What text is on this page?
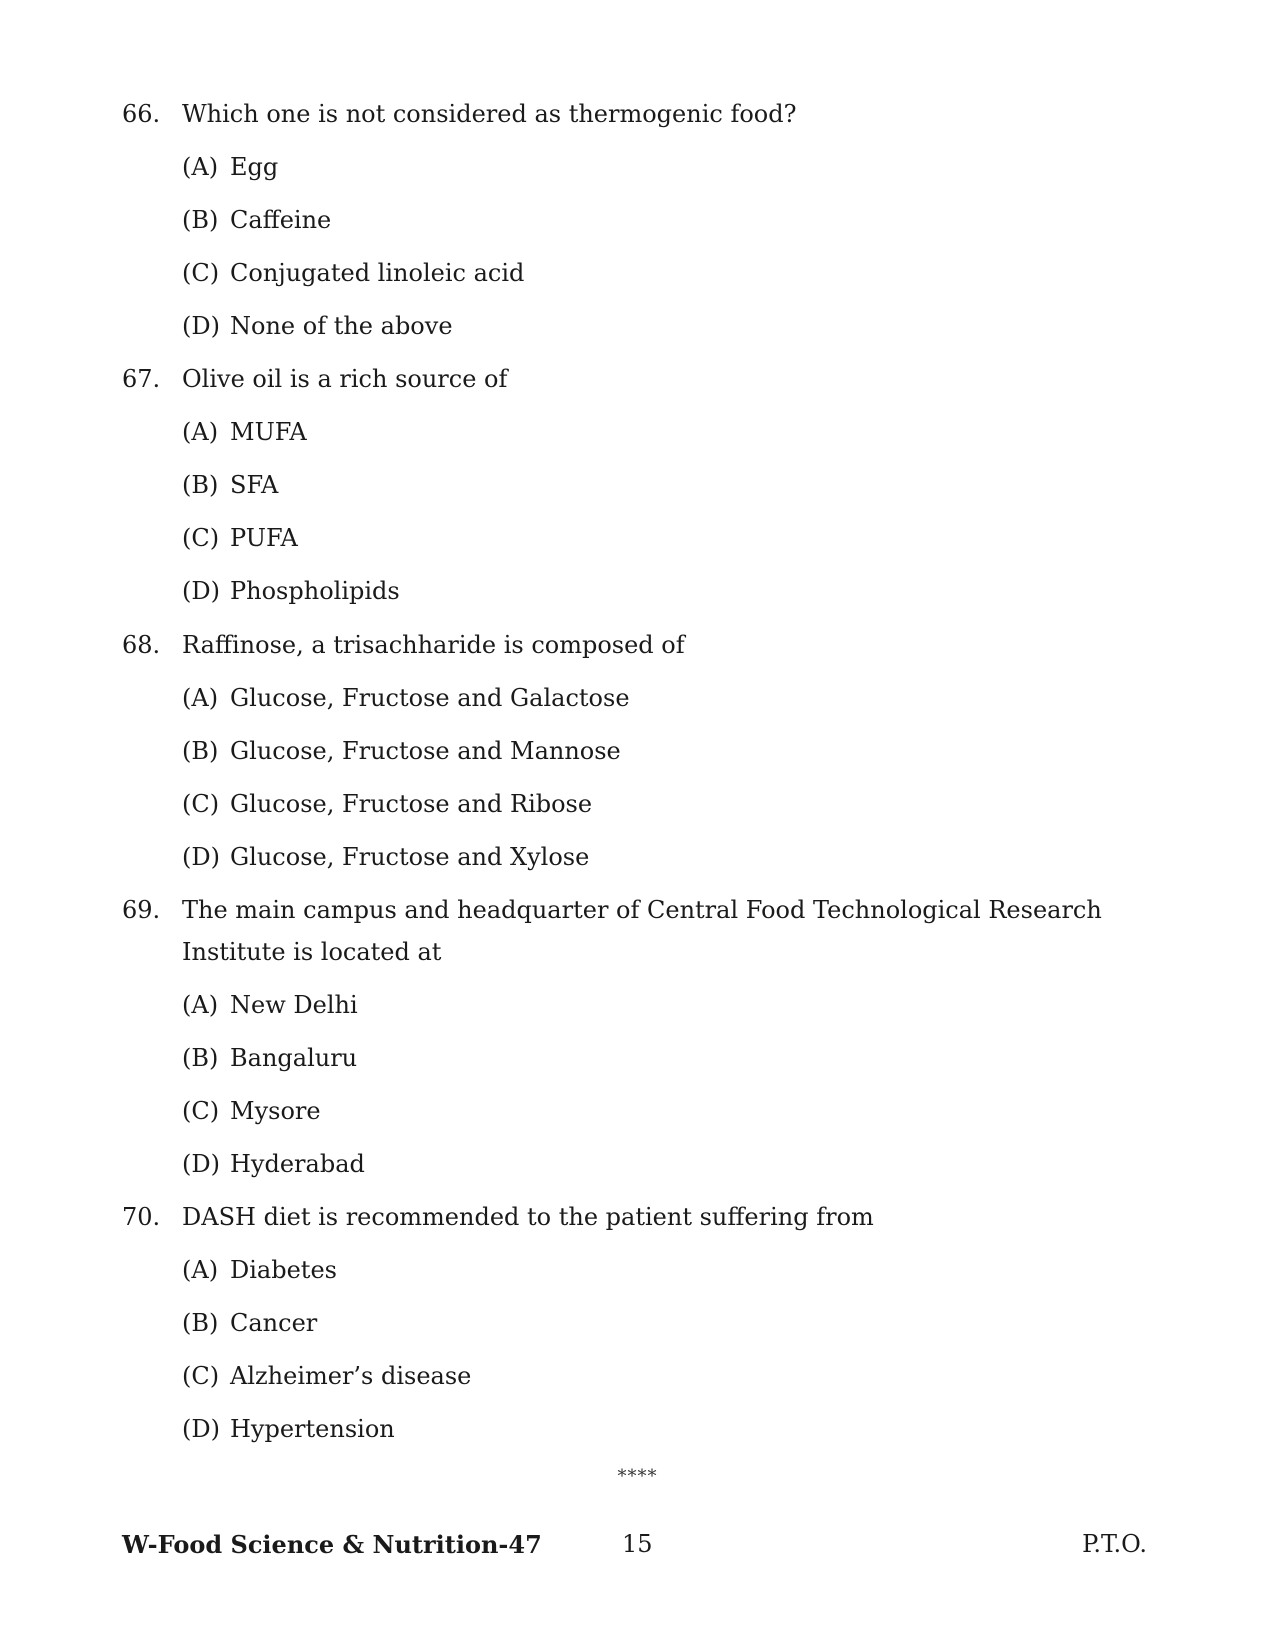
66. Which one is not considered as thermogenic food?
(A) Egg
(B) Caffeine
(C) Conjugated linoleic acid
(D) None of the above
67. Olive oil is a rich source of
(A) MUFA
(B) SFA
(C) PUFA
(D) Phospholipids
68. Raffinose, a trisachharide is composed of
(A) Glucose, Fructose and Galactose
(B) Glucose, Fructose and Mannose
(C) Glucose, Fructose and Ribose
(D) Glucose, Fructose and Xylose
69. The main campus and headquarter of Central Food Technological Research Institute is located at
(A) New Delhi
(B) Bangaluru
(C) Mysore
(D) Hyderabad
70. DASH diet is recommended to the patient suffering from
(A) Diabetes
(B) Cancer
(C) Alzheimer’s disease
(D) Hypertension
****
W-Food Science & Nutrition-47	15	P.T.O.
